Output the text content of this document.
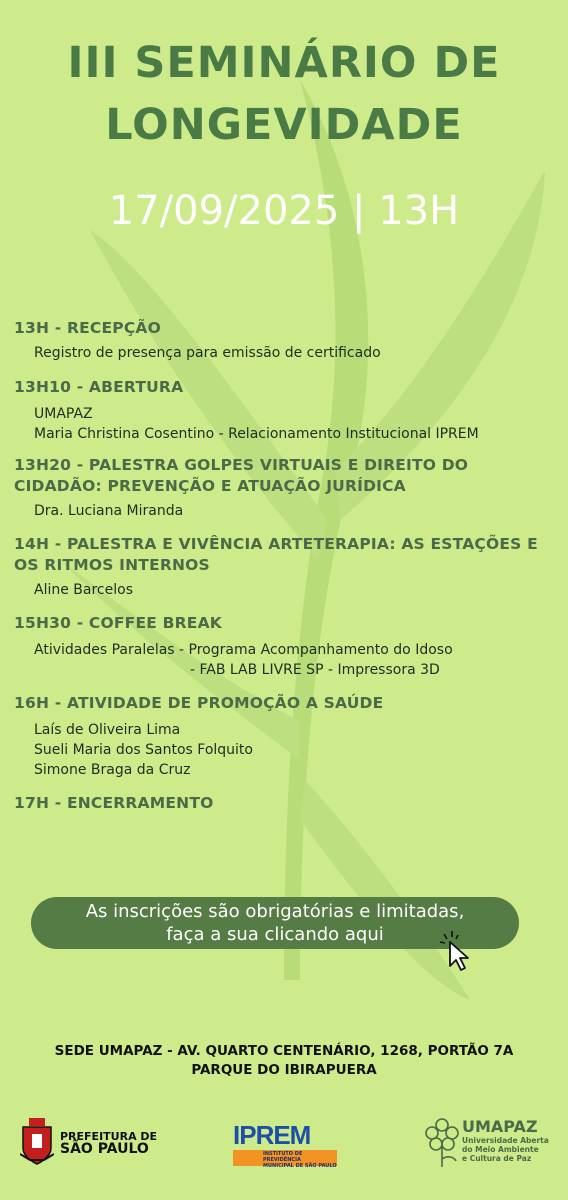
III SEMINÁRIO DE
LONGEVIDADE
17/09/2025 | 13H
13H - RECEPÇÃO
Registro de presença para emissão de certificado
13H10 - ABERTURA
UMAPAZ
Maria Christina Cosentino - Relacionamento Institucional IPREM
13H20 - PALESTRA GOLPES VIRTUAIS E DIREITO DO CIDADÃO: PREVENÇÃO E ATUAÇÃO JURÍDICA
Dra. Luciana Miranda
14H - PALESTRA E VIVÊNCIA ARTETERAPIA: AS ESTAÇÕES E OS RITMOS INTERNOS
Aline Barcelos
15H30 - COFFEE BREAK
Atividades Paralelas - Programa Acompanhamento do Idoso
- FAB LAB LIVRE SP - Impressora 3D
16H - ATIVIDADE DE PROMOÇÃO A SAÚDE
Laís de Oliveira Lima
Sueli Maria dos Santos Folquito
Simone Braga da Cruz
17H - ENCERRAMENTO
As inscrições são obrigatórias e limitadas,
faça a sua clicando aqui
SEDE UMAPAZ - AV. QUARTO CENTENÁRIO, 1268, PORTÃO 7A
PARQUE DO IBIRAPUERA
PREFEITURA DE
SÃO PAULO	IPREM
INSTITUTO DE PREVIDÊNCIA
MUNICIPAL DE SÃO PAULO
UMAPAZ
Universidade Aberta
do Meio Ambiente
e Cultura de Paz
